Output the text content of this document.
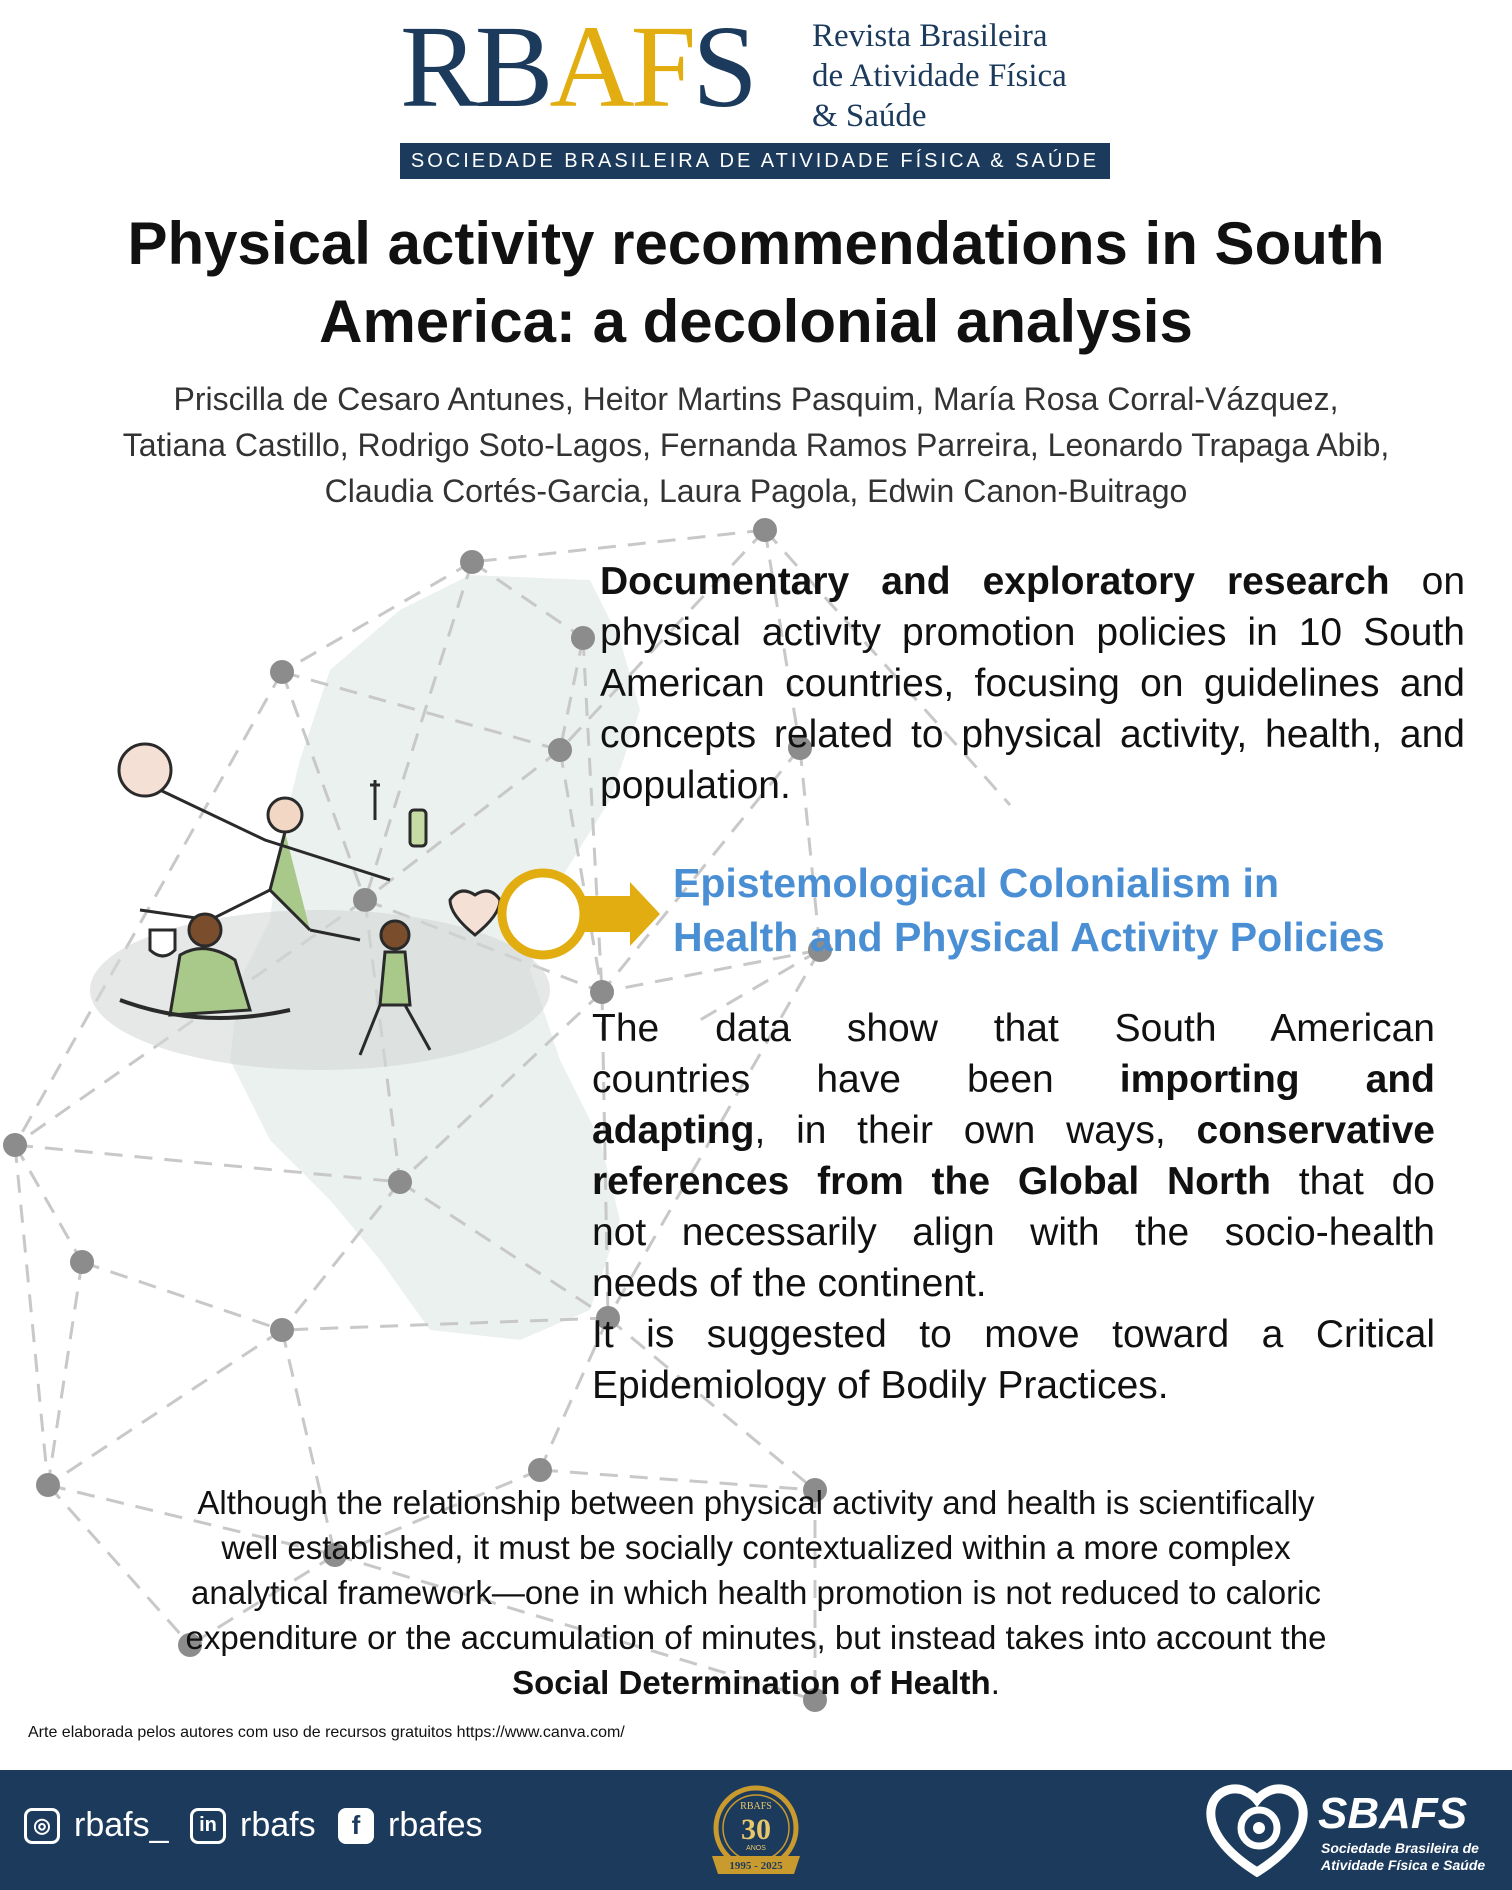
RBAFS Revista Brasileira
de Atividade Física
& Saúde
SOCIEDADE BRASILEIRA DE ATIVIDADE FÍSICA & SAÚDE
Physical activity recommendations in South America: a decolonial analysis
Priscilla de Cesaro Antunes, Heitor Martins Pasquim, María Rosa Corral-Vázquez,
Tatiana Castillo, Rodrigo Soto-Lagos, Fernanda Ramos Parreira, Leonardo Trapaga Abib,
Claudia Cortés-Garcia, Laura Pagola, Edwin Canon-Buitrago
Documentary and exploratory research on physical activity promotion policies in 10 South American countries, focusing on guidelines and concepts related to physical activity, health, and population.
Epistemological Colonialism in
Health and Physical Activity Policies
The data show that South American
countries have been importing and
adapting, in their own ways, conservative
references from the Global North that do
not necessarily align with the socio-health
needs of the continent.
It is suggested to move toward a Critical
Epidemiology of Bodily Practices.
Although the relationship between physical activity and health is scientifically
well established, it must be socially contextualized within a more complex
analytical framework—one in which health promotion is not reduced to caloric
expenditure or the accumulation of minutes, but instead takes into account the
Social Determination of Health.
Arte elaborada pelos autores com uso de recursos gratuitos https://www.canva.com/
◎ rbafs_	in rbafs	f rbafes	RBAFS
30
ANOS
1995 - 2025
SBAFS
Sociedade Brasileira de
Atividade Física e Saúde
